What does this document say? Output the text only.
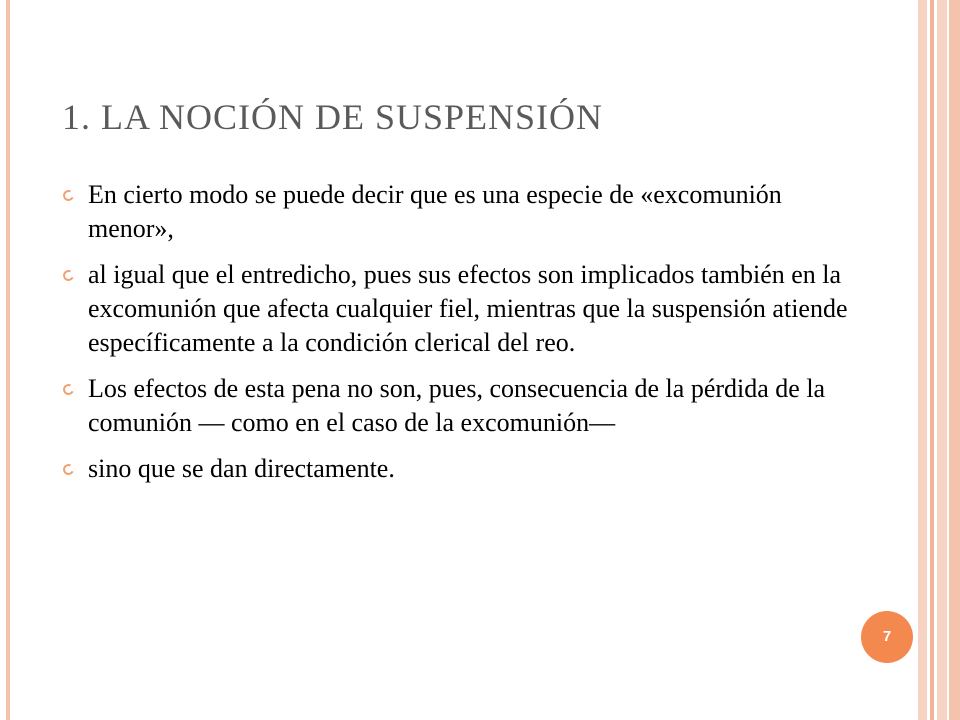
1. LA NOCIÓN DE SUSPENSIÓN
En cierto modo se puede decir que es una especie de «excomunión menor»,
al igual que el entredicho, pues sus efectos son implicados también en la excomunión que afecta cualquier fiel, mientras que la suspensión atiende específicamente a la condición clerical del reo.
Los efectos de esta pena no son, pues, consecuencia de la pérdida de la comunión — como en el caso de la excomunión—
sino que se dan directamente.
7
